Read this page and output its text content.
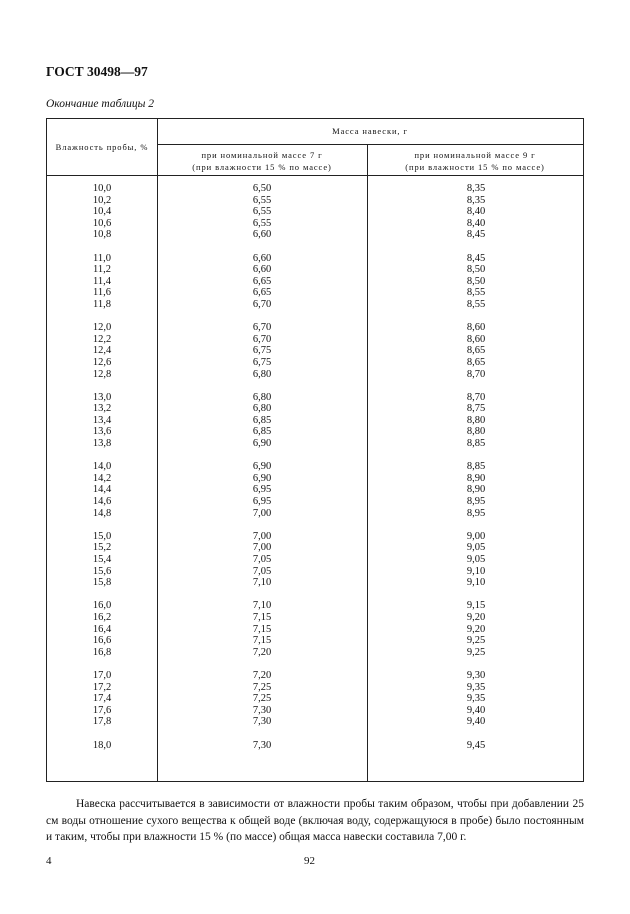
ГОСТ 30498—97
Окончание таблицы 2
Влажность пробы, %
Масса навески, г
при номинальной массе 7 г
(при влажности 15 % по массе)
при номинальной массе 9 г
(при влажности 15 % по массе)
10,0
10,2
10,4
10,6
10,8
11,0
11,2
11,4
11,6
11,8
12,0
12,2
12,4
12,6
12,8
13,0
13,2
13,4
13,6
13,8
14,0
14,2
14,4
14,6
14,8
15,0
15,2
15,4
15,6
15,8
16,0
16,2
16,4
16,6
16,8
17,0
17,2
17,4
17,6
17,8
18,0
6,50
6,55
6,55
6,55
6,60
6,60
6,60
6,65
6,65
6,70
6,70
6,70
6,75
6,75
6,80
6,80
6,80
6,85
6,85
6,90
6,90
6,90
6,95
6,95
7,00
7,00
7,00
7,05
7,05
7,10
7,10
7,15
7,15
7,15
7,20
7,20
7,25
7,25
7,30
7,30
7,30
8,35
8,35
8,40
8,40
8,45
8,45
8,50
8,50
8,55
8,55
8,60
8,60
8,65
8,65
8,70
8,70
8,75
8,80
8,80
8,85
8,85
8,90
8,90
8,95
8,95
9,00
9,05
9,05
9,10
9,10
9,15
9,20
9,20
9,25
9,25
9,30
9,35
9,35
9,40
9,40
9,45
Навеска рассчитывается в зависимости от влажности пробы таким образом, чтобы при добавлении 25 см воды отношение сухого вещества к общей воде (включая воду, содержащуюся в пробе) было постоянным и таким, чтобы при влажности 15 % (по массе) общая масса навески составила 7,00 г.
4	92
